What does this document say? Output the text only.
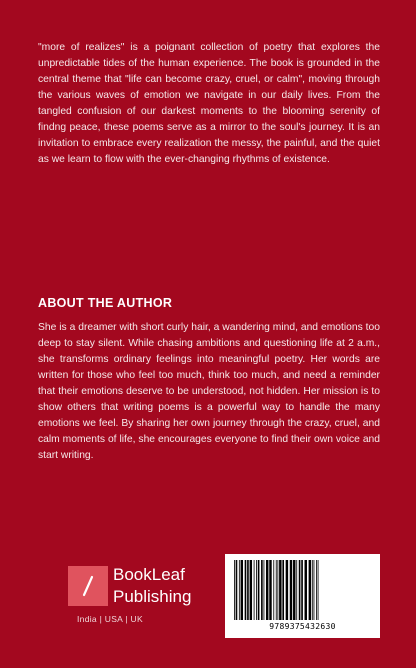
"more of realizes" is a poignant collection of poetry that explores the unpredictable tides of the human experience. The book is grounded in the central theme that "life can become crazy, cruel, or calm", moving through the various waves of emotion we navigate in our daily lives. From the tangled confusion of our darkest moments to the blooming serenity of findng peace, these poems serve as a mirror to the soul's journey. It is an invitation to embrace every realization the messy, the painful, and the quiet as we learn to flow with the ever-changing rhythms of existence.

ABOUT THE AUTHOR

She is a dreamer with short curly hair, a wandering mind, and emotions too deep to stay silent. While chasing ambitions and questioning life at 2 a.m., she transforms ordinary feelings into meaningful poetry. Her words are written for those who feel too much, think too much, and need a reminder that their emotions deserve to be understood, not hidden. Her mission is to show others that writing poems is a powerful way to handle the many emotions we feel. By sharing her own journey through the crazy, cruel, and calm moments of life, she encourages everyone to find their own voice and start writing.

BookLeaf
Publishing
India | USA | UK
9789375432630
